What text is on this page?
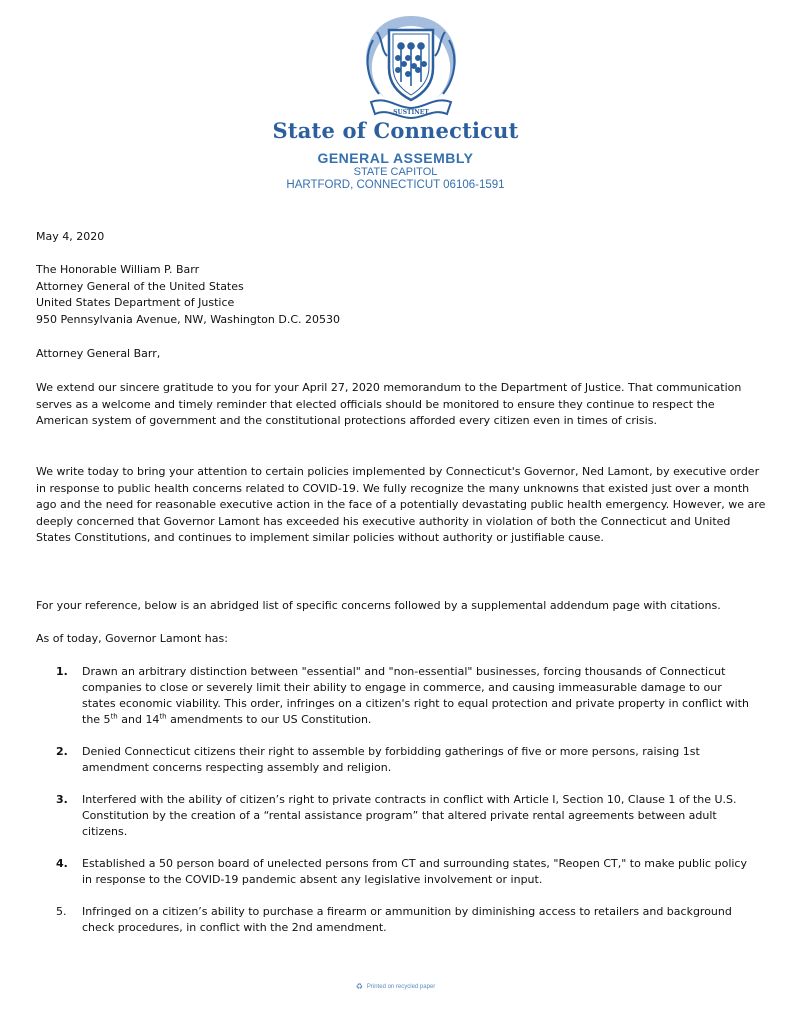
SUSTINET
State of Connecticut
GENERAL ASSEMBLY
STATE CAPITOL
HARTFORD, CONNECTICUT 06106-1591
May 4, 2020

The Honorable William P. Barr

Attorney General of the United States

United States Department of Justice

950 Pennsylvania Avenue, NW, Washington D.C. 20530

Attorney General Barr,
We extend our sincere gratitude to you for your April 27, 2020 memorandum to the Department of Justice. That communication serves as a welcome and timely reminder that elected officials should be monitored to ensure they continue to respect the American system of government and the constitutional protections afforded every citizen even in times of crisis.
We write today to bring your attention to certain policies implemented by Connecticut's Governor, Ned Lamont, by executive order in response to public health concerns related to COVID-19. We fully recognize the many unknowns that existed just over a month ago and the need for reasonable executive action in the face of a potentially devastating public health emergency. However, we are deeply concerned that Governor Lamont has exceeded his executive authority in violation of both the Connecticut and United States Constitutions, and continues to implement similar policies without authority or justifiable cause.
For your reference, below is an abridged list of specific concerns followed by a supplemental addendum page with citations.
As of today, Governor Lamont has:
1. Drawn an arbitrary distinction between "essential" and "non-essential" businesses, forcing thousands of Connecticut companies to close or severely limit their ability to engage in commerce, and causing immeasurable damage to our states economic viability. This order, infringes on a citizen's right to equal protection and private property in conflict with the 5th and 14th amendments to our US Constitution.
2. Denied Connecticut citizens their right to assemble by forbidding gatherings of five or more persons, raising 1st amendment concerns respecting assembly and religion.
3. Interfered with the ability of citizen’s right to private contracts in conflict with Article I, Section 10, Clause 1 of the U.S. Constitution by the creation of a “rental assistance program” that altered private rental agreements between adult citizens.
4. Established a 50 person board of unelected persons from CT and surrounding states, "Reopen CT," to make public policy in response to the COVID-19 pandemic absent any legislative involvement or input.
5. Infringed on a citizen’s ability to purchase a firearm or ammunition by diminishing access to retailers and background check procedures, in conflict with the 2nd amendment.
♻ Printed on recycled paper
